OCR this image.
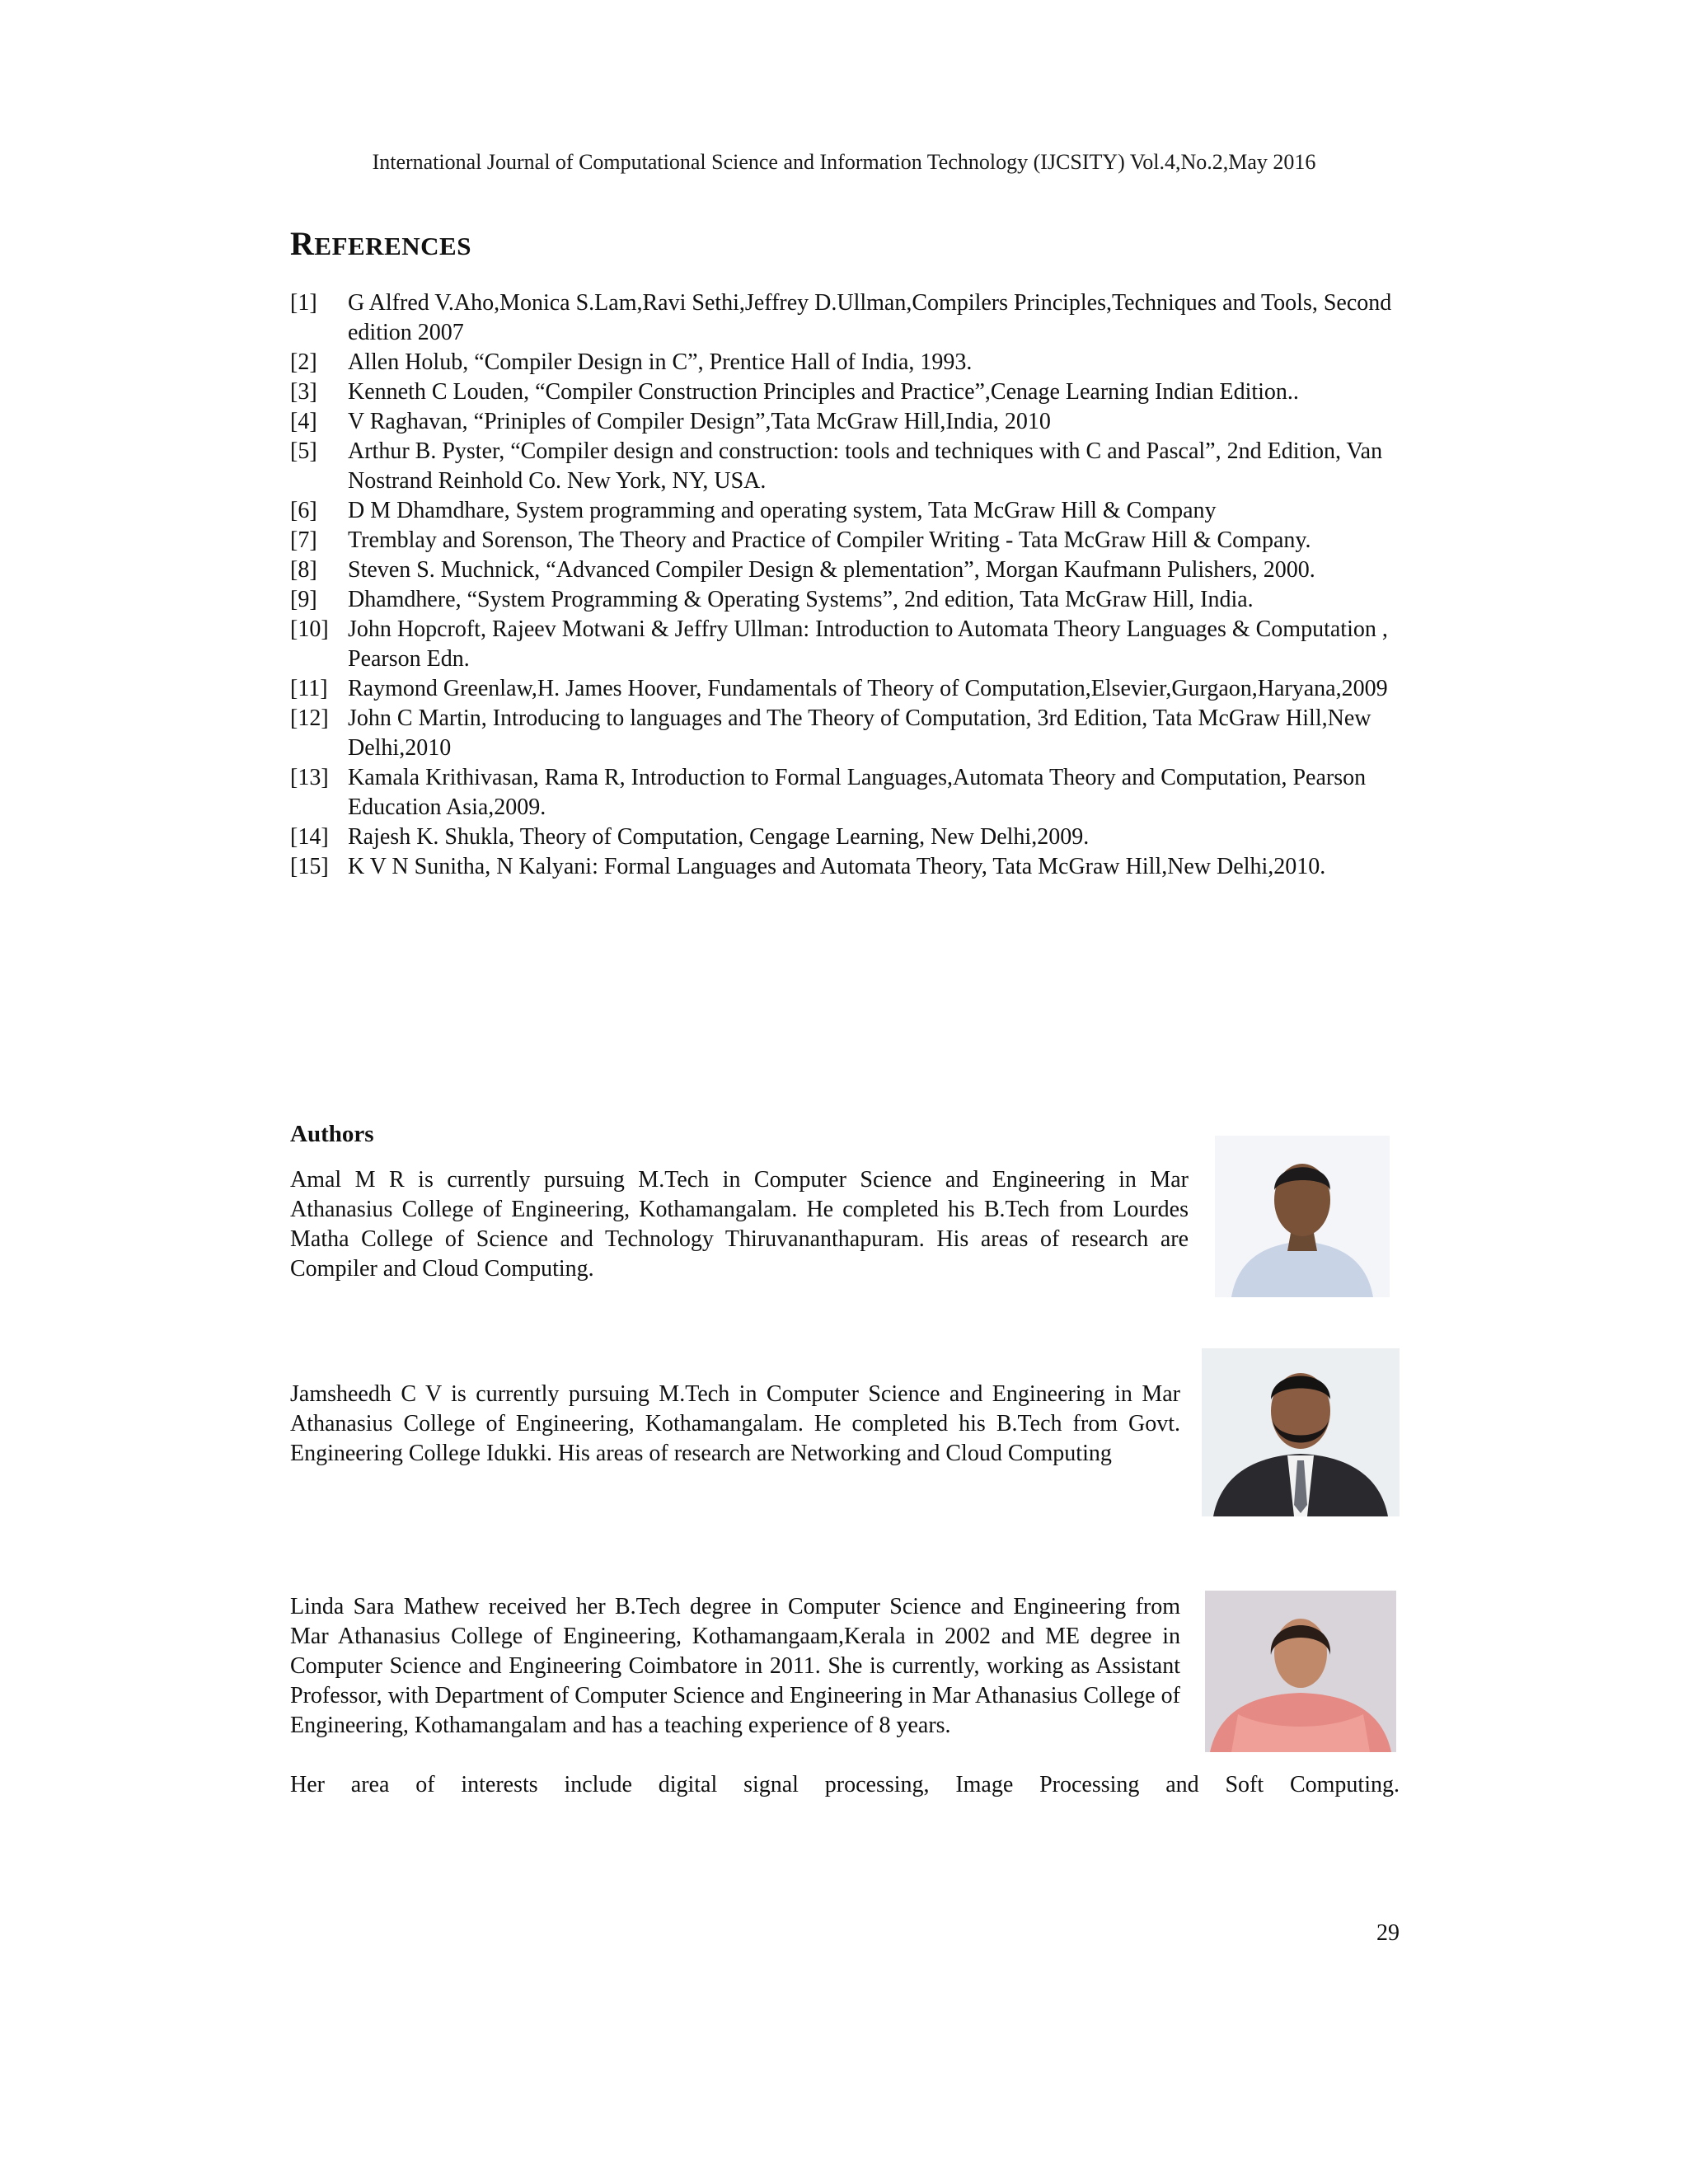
International Journal of Computational Science and Information Technology (IJCSITY) Vol.4,No.2,May 2016
REFERENCES
[1]	G Alfred V.Aho,Monica S.Lam,Ravi Sethi,Jeffrey D.Ullman,Compilers Principles,Techniques and Tools, Second edition 2007
[2]	Allen Holub, “Compiler Design in C”, Prentice Hall of India, 1993.
[3]	Kenneth C Louden, “Compiler Construction Principles and Practice”,Cenage Learning Indian Edition..
[4]	V Raghavan, “Priniples of Compiler Design”,Tata McGraw Hill,India, 2010
[5]	Arthur B. Pyster, “Compiler design and construction: tools and techniques with C and Pascal”, 2nd Edition, Van Nostrand Reinhold Co. New York, NY, USA.
[6]	D M Dhamdhare, System programming and operating system, Tata McGraw Hill & Company
[7]	Tremblay and Sorenson, The Theory and Practice of Compiler Writing - Tata McGraw Hill & Company.
[8]	Steven S. Muchnick, “Advanced Compiler Design & plementation”, Morgan Kaufmann Pulishers, 2000.
[9]	Dhamdhere, “System Programming & Operating Systems”, 2nd edition, Tata McGraw Hill, India.
[10] John Hopcroft, Rajeev Motwani & Jeffry Ullman: Introduction to Automata Theory Languages & Computation , Pearson Edn.
[11] Raymond Greenlaw,H. James Hoover, Fundamentals of Theory of Computation,Elsevier,Gurgaon,Haryana,2009
[12] John C Martin, Introducing to languages and The Theory of Computation, 3rd Edition, Tata McGraw Hill,New Delhi,2010
[13] Kamala Krithivasan, Rama R, Introduction to Formal Languages,Automata Theory and Computation, Pearson Education Asia,2009.
[14] Rajesh K. Shukla, Theory of Computation, Cengage Learning, New Delhi,2009.
[15] K V N Sunitha, N Kalyani: Formal Languages and Automata Theory, Tata McGraw Hill,New Delhi,2010.
Authors

Amal M R is currently pursuing M.Tech in Computer Science and Engineering in Mar Athanasius College of Engineering, Kothamangalam. He completed his B.Tech from Lourdes Matha College of Science and Technology Thiruvananthapuram. His areas of research are Compiler and Cloud Computing.

Jamsheedh C V is currently pursuing M.Tech in Computer Science and Engineering in Mar Athanasius College of Engineering, Kothamangalam. He completed his B.Tech from Govt. Engineering College Idukki. His areas of research are Networking and Cloud Computing

Linda Sara Mathew received her B.Tech degree in Computer Science and Engineering from Mar Athanasius College of Engineering, Kothamangaam,Kerala in 2002 and ME degree in Computer Science and Engineering Coimbatore in 2011. She is currently, working as Assistant Professor, with Department of Computer Science and Engineering in Mar Athanasius College of Engineering, Kothamangalam and has a teaching experience of 8 years.

Her area of interests include digital signal processing, Image Processing and Soft Computing.

29
